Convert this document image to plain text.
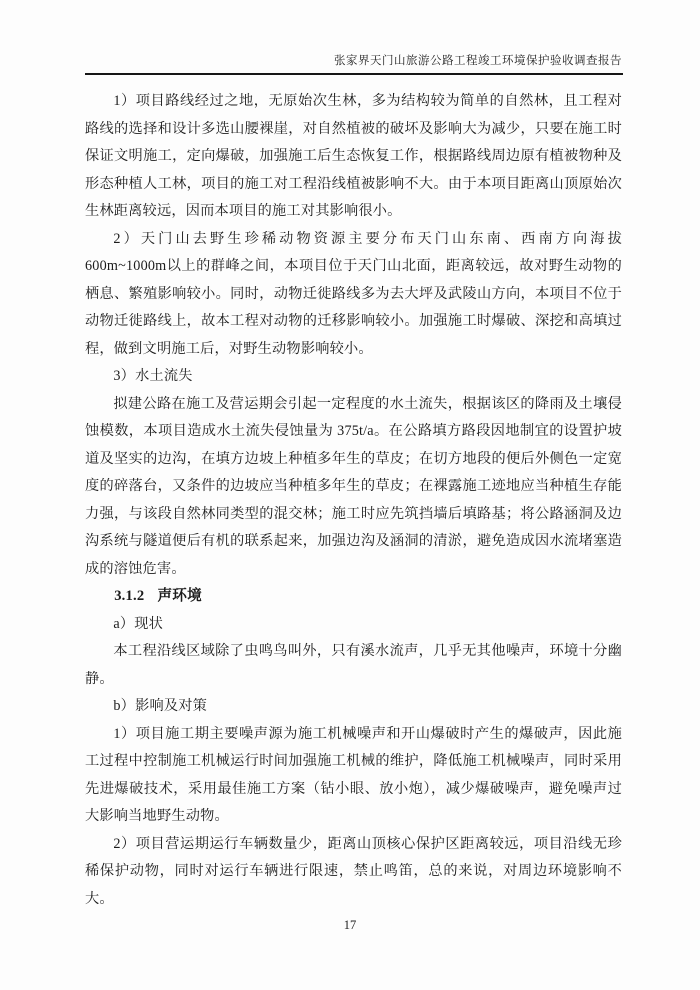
张家界天门山旅游公路工程竣工环境保护验收调查报告

1）项目路线经过之地，无原始次生林，多为结构较为简单的自然林，且工程对路线的选择和设计多选山腰裸崖，对自然植被的破坏及影响大为减少，只要在施工时保证文明施工，定向爆破，加强施工后生态恢复工作，根据路线周边原有植被物种及形态种植人工林，项目的施工对工程沿线植被影响不大。由于本项目距离山顶原始次生林距离较远，因而本项目的施工对其影响很小。

2）天门山去野生珍稀动物资源主要分布天门山东南、西南方向海拔 600m~1000m以上的群峰之间，本项目位于天门山北面，距离较远，故对野生动物的栖息、繁殖影响较小。同时，动物迁徙路线多为去大坪及武陵山方向，本项目不位于动物迁徙路线上，故本工程对动物的迁移影响较小。加强施工时爆破、深挖和高填过程，做到文明施工后，对野生动物影响较小。

3）水土流失

拟建公路在施工及营运期会引起一定程度的水土流失，根据该区的降雨及土壤侵蚀模数，本项目造成水土流失侵蚀量为 375t/a。在公路填方路段因地制宜的设置护坡道及坚实的边沟，在填方边坡上种植多年生的草皮；在切方地段的便后外侧色一定宽度的碎落台，又条件的边坡应当种植多年生的草皮；在裸露施工迹地应当种植生存能力强，与该段自然林同类型的混交林；施工时应先筑挡墙后填路基；将公路涵洞及边沟系统与隧道便后有机的联系起来，加强边沟及涵洞的清淤，避免造成因水流堵塞造成的溶蚀危害。

3.1.2 声环境

a）现状

本工程沿线区域除了虫鸣鸟叫外，只有溪水流声，几乎无其他噪声，环境十分幽静。

b）影响及对策

1）项目施工期主要噪声源为施工机械噪声和开山爆破时产生的爆破声，因此施工过程中控制施工机械运行时间加强施工机械的维护，降低施工机械噪声，同时采用先进爆破技术，采用最佳施工方案（钻小眼、放小炮），减少爆破噪声，避免噪声过大影响当地野生动物。

2）项目营运期运行车辆数量少，距离山顶核心保护区距离较远，项目沿线无珍稀保护动物，同时对运行车辆进行限速，禁止鸣笛，总的来说，对周边环境影响不大。

17
